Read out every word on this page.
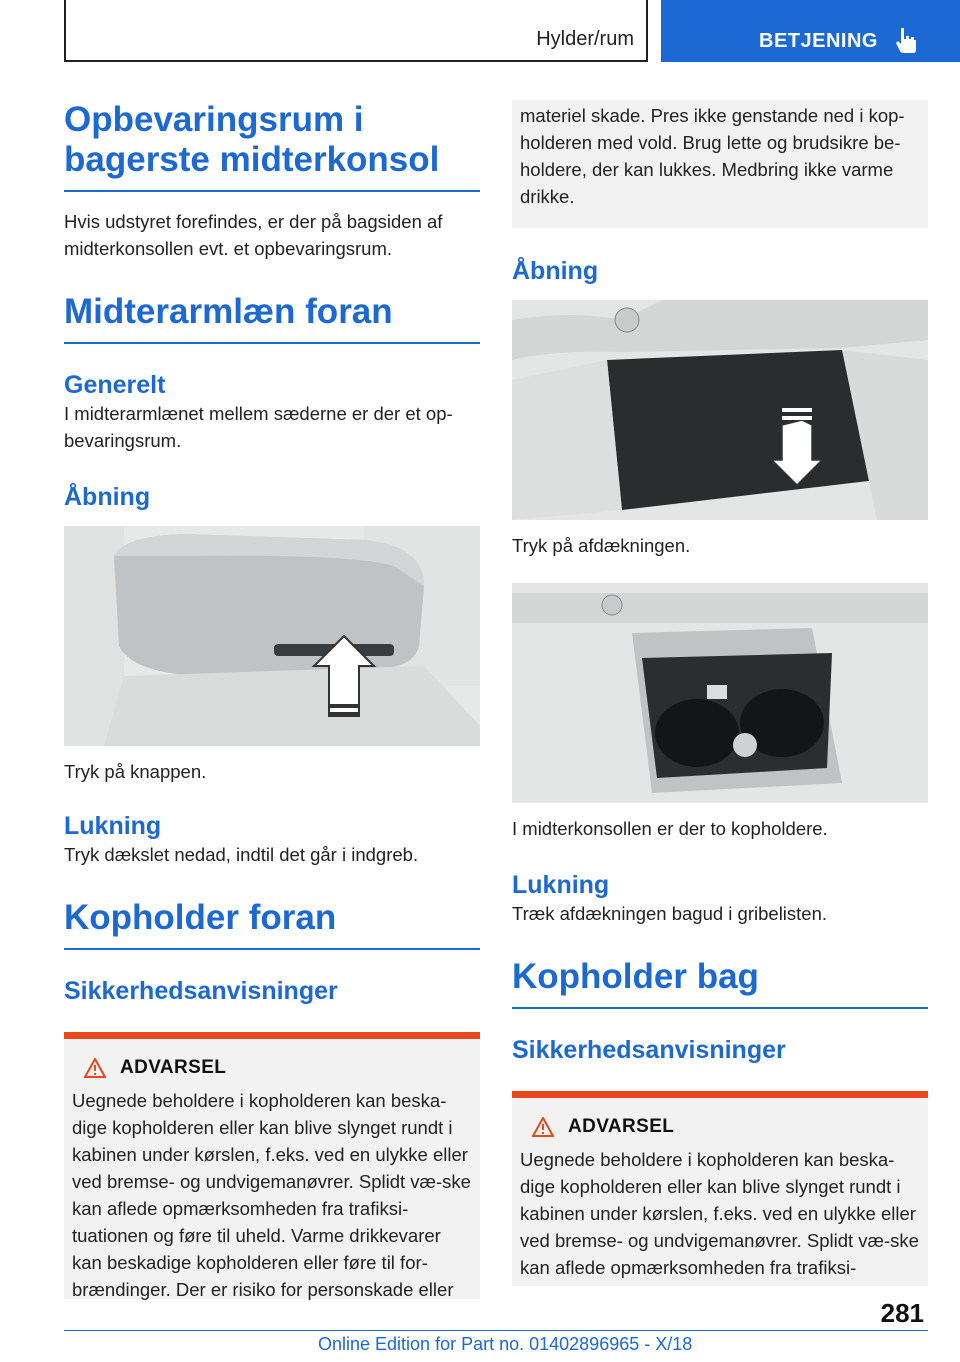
Hylder/rum	BETJENING
Opbevaringsrum i bagerste midterkonsol

Hvis udstyret forefindes, er der på bagsiden af midterkonsollen evt. et opbevaringsrum.

Midterarmlæn foran
Generelt

I midterarmlænet mellem sæderne er der et op-bevaringsrum.

Åbning

Tryk på knappen.

Lukning

Tryk dækslet nedad, indtil det går i indgreb.

Kopholder foran
Sikkerhedsanvisninger
ADVARSEL
Uegnede beholdere i kopholderen kan beska-dige kopholderen eller kan blive slynget rundt i kabinen under kørslen, f.eks. ved en ulykke eller ved bremse- og undvigemanøvrer. Splidt væ-ske kan aflede opmærksomheden fra trafiksi-tuationen og føre til uheld. Varme drikkevarer kan beskadige kopholderen eller føre til for-brændinger. Der er risiko for personskade eller
materiel skade. Pres ikke genstande ned i kop-holderen med vold. Brug lette og brudsikre be-holdere, der kan lukkes. Medbring ikke varme drikke.
Åbning

Tryk på afdækningen.

I midterkonsollen er der to kopholdere.

Lukning

Træk afdækningen bagud i gribelisten.

Kopholder bag
Sikkerhedsanvisninger
ADVARSEL
Uegnede beholdere i kopholderen kan beska-dige kopholderen eller kan blive slynget rundt i kabinen under kørslen, f.eks. ved en ulykke eller ved bremse- og undvigemanøvrer. Splidt væ-ske kan aflede opmærksomheden fra trafiksi-
281
Online Edition for Part no. 01402896965 - X/18
